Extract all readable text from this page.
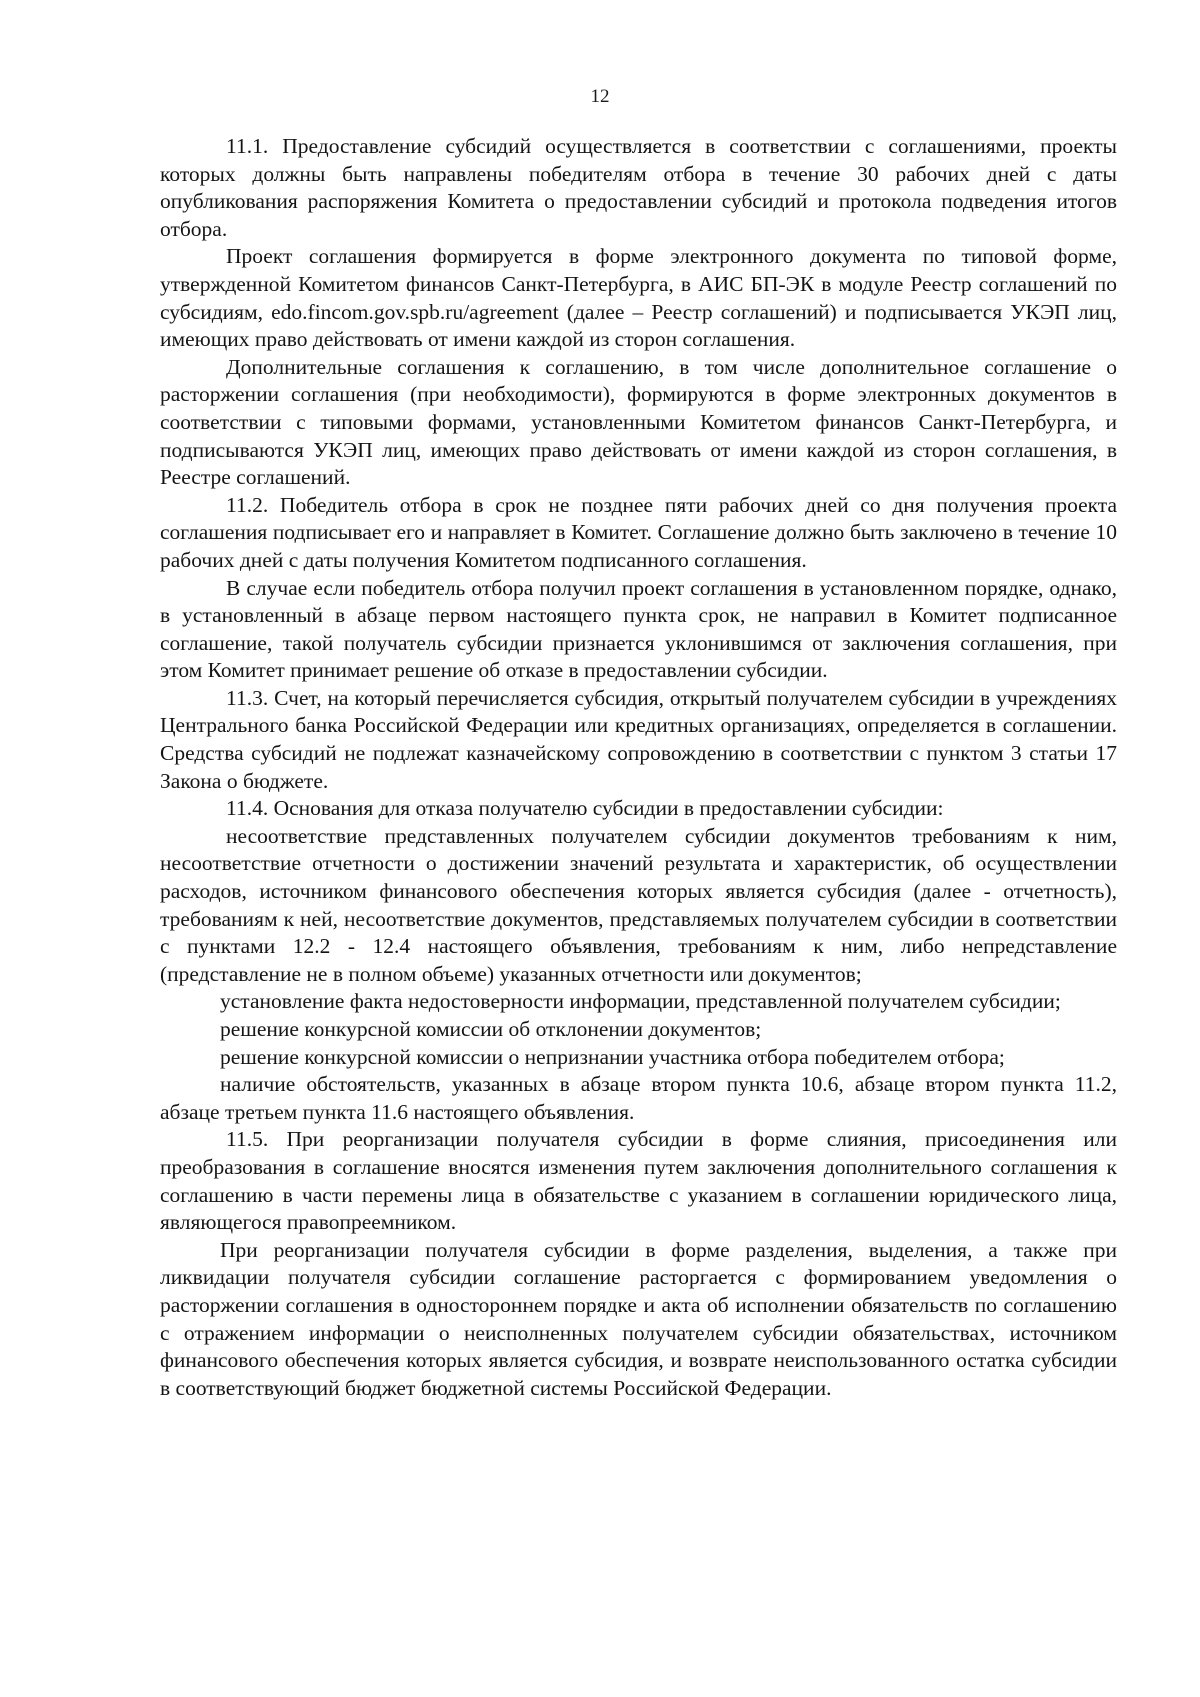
12

11.1. Предоставление субсидий осуществляется в соответствии с соглашениями, проекты которых должны быть направлены победителям отбора в течение 30 рабочих дней с даты опубликования распоряжения Комитета о предоставлении субсидий и протокола подведения итогов отбора.

Проект соглашения формируется в форме электронного документа по типовой форме, утвержденной Комитетом финансов Санкт-Петербурга, в АИС БП-ЭК в модуле Реестр соглашений по субсидиям, edo.fincom.gov.spb.ru/agreement (далее – Реестр соглашений) и подписывается УКЭП лиц, имеющих право действовать от имени каждой из сторон соглашения.

Дополнительные соглашения к соглашению, в том числе дополнительное соглашение о расторжении соглашения (при необходимости), формируются в форме электронных документов в соответствии с типовыми формами, установленными Комитетом финансов Санкт-Петербурга, и подписываются УКЭП лиц, имеющих право действовать от имени каждой из сторон соглашения, в Реестре соглашений.

11.2. Победитель отбора в срок не позднее пяти рабочих дней со дня получения проекта соглашения подписывает его и направляет в Комитет. Соглашение должно быть заключено в течение 10 рабочих дней с даты получения Комитетом подписанного соглашения.

В случае если победитель отбора получил проект соглашения в установленном порядке, однако, в установленный в абзаце первом настоящего пункта срок, не направил в Комитет подписанное соглашение, такой получатель субсидии признается уклонившимся от заключения соглашения, при этом Комитет принимает решение об отказе в предоставлении субсидии.

11.3. Счет, на который перечисляется субсидия, открытый получателем субсидии в учреждениях Центрального банка Российской Федерации или кредитных организациях, определяется в соглашении. Средства субсидий не подлежат казначейскому сопровождению в соответствии с пунктом 3 статьи 17 Закона о бюджете.

11.4. Основания для отказа получателю субсидии в предоставлении субсидии:

несоответствие представленных получателем субсидии документов требованиям к ним, несоответствие отчетности о достижении значений результата и характеристик, об осуществлении расходов, источником финансового обеспечения которых является субсидия (далее - отчетность), требованиям к ней, несоответствие документов, представляемых получателем субсидии в соответствии с пунктами 12.2 - 12.4 настоящего объявления, требованиям к ним, либо непредставление (представление не в полном объеме) указанных отчетности или документов;

установление факта недостоверности информации, представленной получателем субсидии;

решение конкурсной комиссии об отклонении документов;

решение конкурсной комиссии о непризнании участника отбора победителем отбора;

наличие обстоятельств, указанных в абзаце втором пункта 10.6, абзаце втором пункта 11.2, абзаце третьем пункта 11.6 настоящего объявления.

11.5. При реорганизации получателя субсидии в форме слияния, присоединения или преобразования в соглашение вносятся изменения путем заключения дополнительного соглашения к соглашению в части перемены лица в обязательстве с указанием в соглашении юридического лица, являющегося правопреемником.

При реорганизации получателя субсидии в форме разделения, выделения, а также при ликвидации получателя субсидии соглашение расторгается с формированием уведомления о расторжении соглашения в одностороннем порядке и акта об исполнении обязательств по соглашению с отражением информации о неисполненных получателем субсидии обязательствах, источником финансового обеспечения которых является субсидия, и возврате неиспользованного остатка субсидии в соответствующий бюджет бюджетной системы Российской Федерации.
